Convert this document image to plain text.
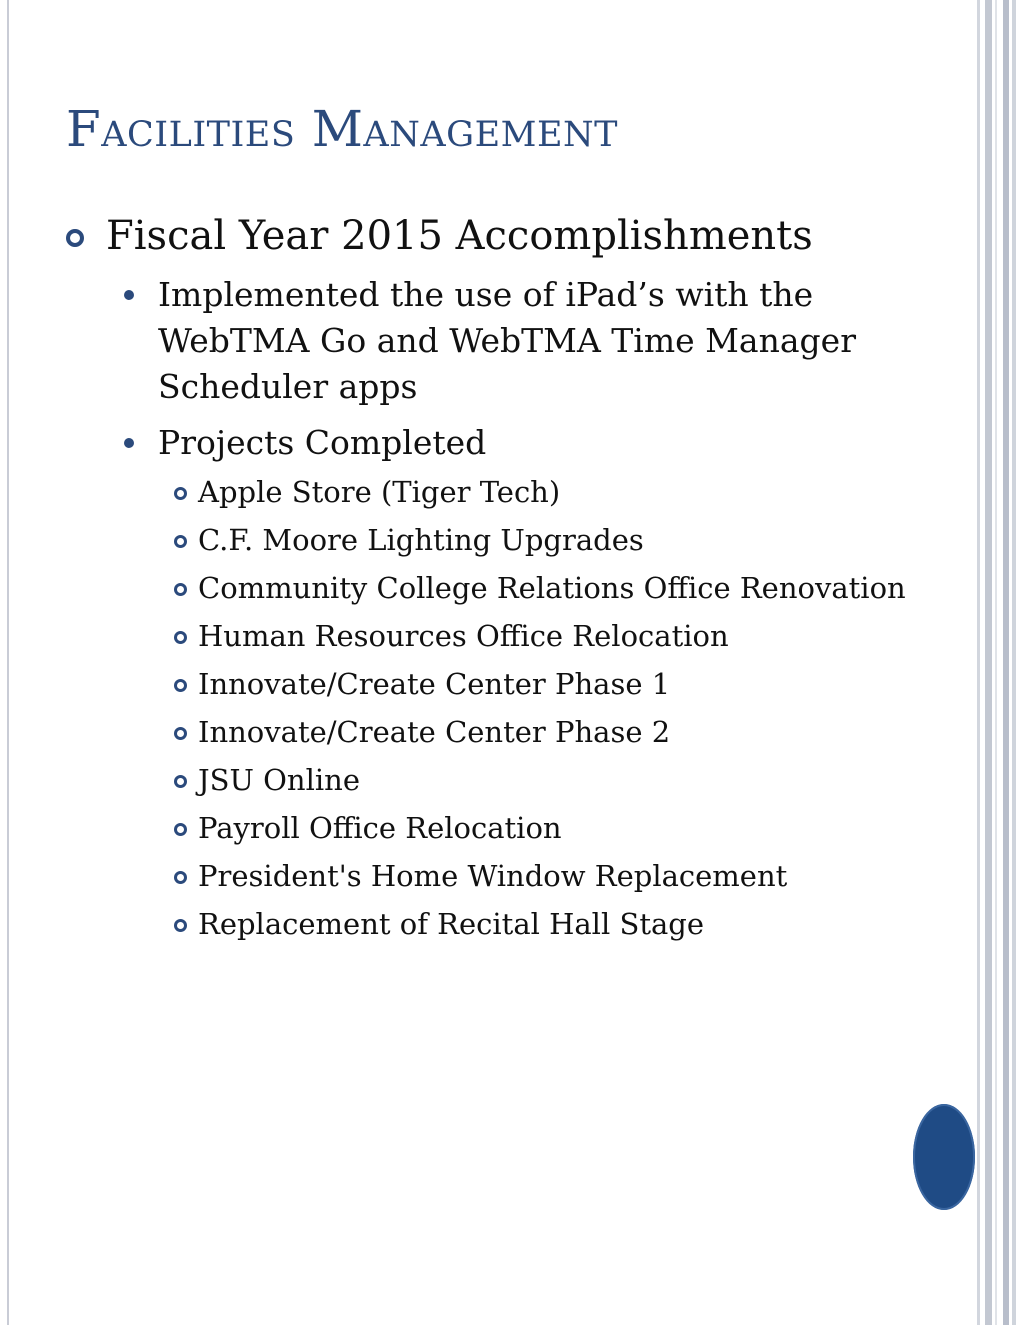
Facilities Management
Fiscal Year 2015 Accomplishments
Implemented the use of iPad’s with the WebTMA Go and WebTMA Time Manager Scheduler apps
Projects Completed
Apple Store (Tiger Tech)
C.F. Moore Lighting Upgrades
Community College Relations Office Renovation
Human Resources Office Relocation
Innovate/Create Center Phase 1
Innovate/Create Center Phase 2
JSU Online
Payroll Office Relocation
President's Home Window Replacement
Replacement of Recital Hall Stage
